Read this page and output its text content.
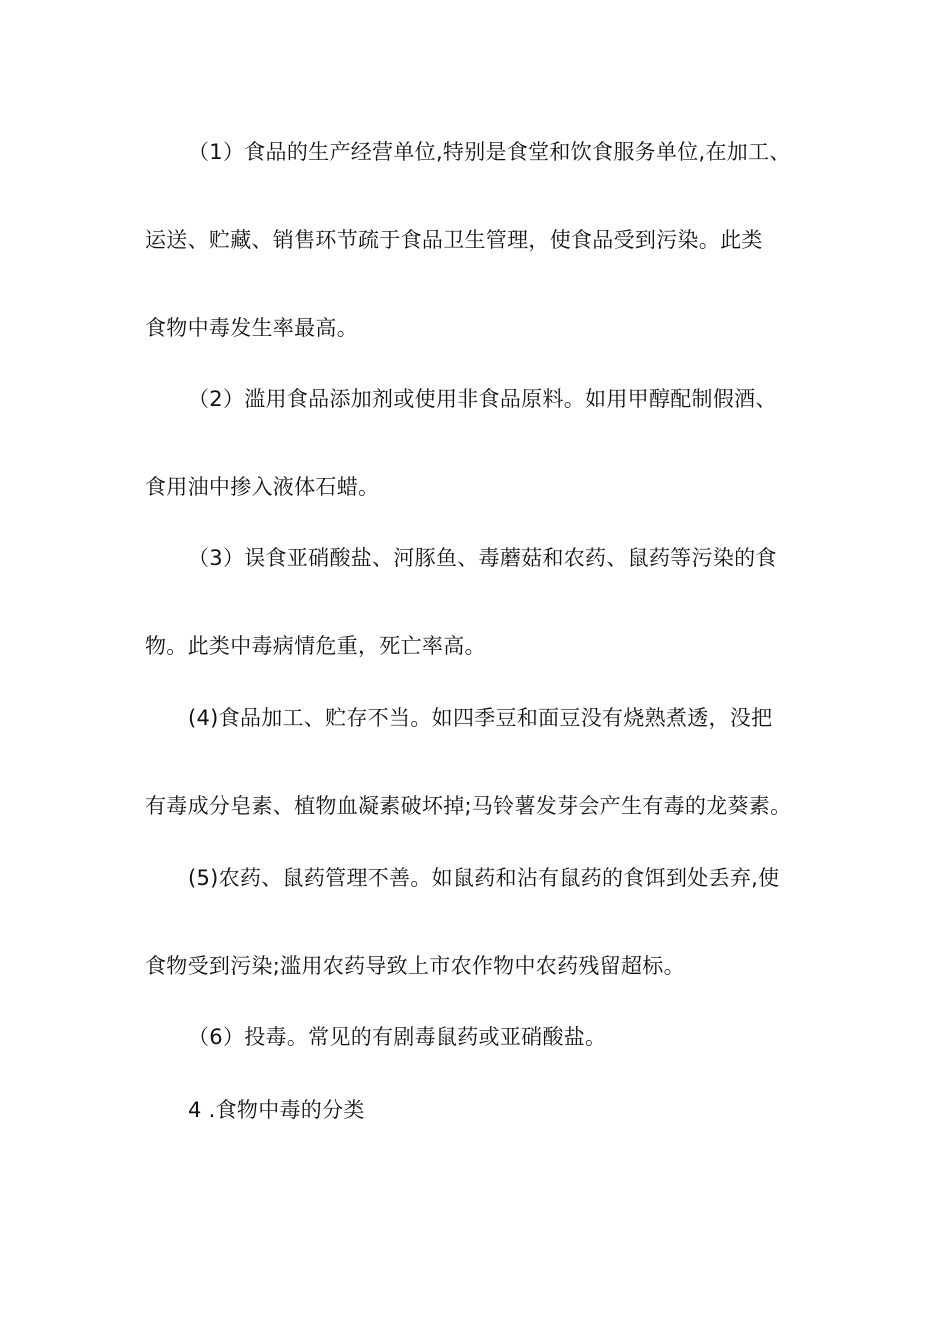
（1）食品的生产经营单位,特别是食堂和饮食服务单位,在加工、
运送、贮藏、销售环节疏于食品卫生管理，使食品受到污染。此类
食物中毒发生率最高。
（2）滥用食品添加剂或使用非食品原料。如用甲醇配制假酒、
食用油中掺入液体石蜡。
（3）误食亚硝酸盐、河豚鱼、毒蘑菇和农药、鼠药等污染的食
物。此类中毒病情危重，死亡率高。
(4)食品加工、贮存不当。如四季豆和面豆没有烧熟煮透，没把
有毒成分皂素、植物血凝素破坏掉;马铃薯发芽会产生有毒的龙葵素。
(5)农药、鼠药管理不善。如鼠药和沾有鼠药的食饵到处丢弃,使
食物受到污染;滥用农药导致上市农作物中农药残留超标。
（6）投毒。常见的有剧毒鼠药或亚硝酸盐。
4 .食物中毒的分类
